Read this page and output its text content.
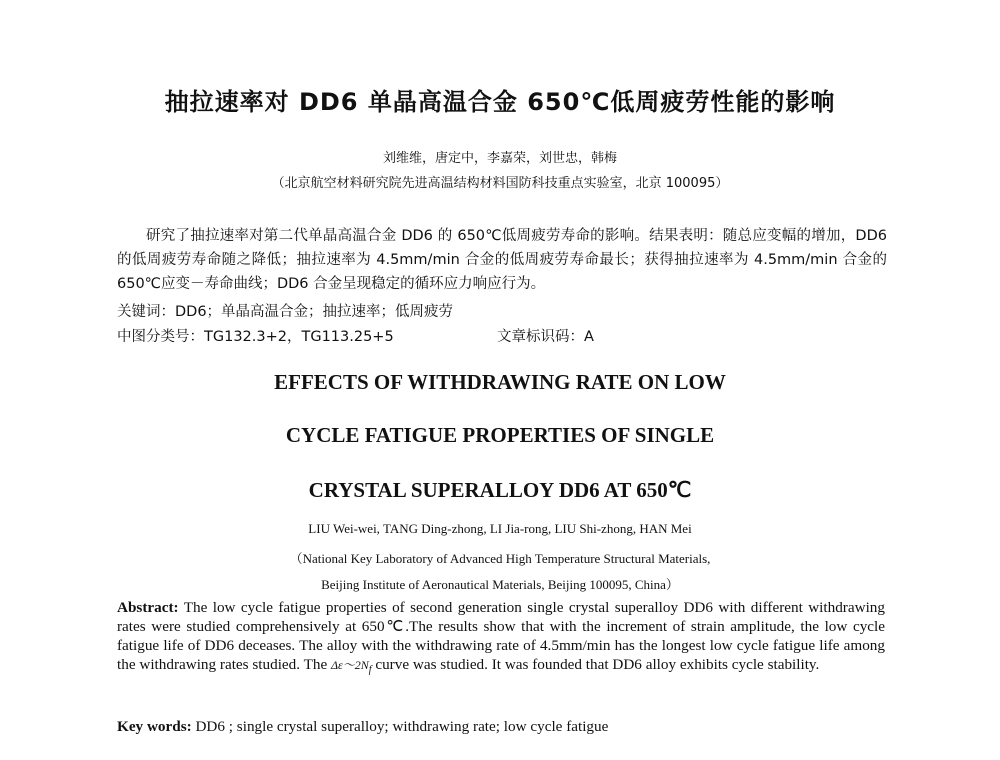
抽拉速率对 DD6 单晶高温合金 650℃低周疲劳性能的影响
刘维维，唐定中，李嘉荣，刘世忠，韩梅
（北京航空材料研究院先进高温结构材料国防科技重点实验室，北京 100095）
研究了抽拉速率对第二代单晶高温合金 DD6 的 650℃低周疲劳寿命的影响。结果表明：随总应变幅的增加，DD6 的低周疲劳寿命随之降低；抽拉速率为 4.5mm/min 合金的低周疲劳寿命最长；获得抽拉速率为 4.5mm/min 合金的 650℃应变－寿命曲线；DD6 合金呈现稳定的循环应力响应行为。
关键词：DD6；单晶高温合金；抽拉速率；低周疲劳
中图分类号：TG132.3+2，TG113.25+5	文章标识码：A
EFFECTS OF WITHDRAWING RATE ON LOW
CYCLE FATIGUE PROPERTIES OF SINGLE
CRYSTAL SUPERALLOY DD6 AT 650℃
LIU Wei-wei, TANG Ding-zhong, LI Jia-rong, LIU Shi-zhong, HAN Mei
（National Key Laboratory of Advanced High Temperature Structural Materials,
Beijing Institute of Aeronautical Materials, Beijing 100095, China）
Abstract: The low cycle fatigue properties of second generation single crystal superalloy DD6 with different withdrawing rates were studied comprehensively at 650℃.The results show that with the increment of strain amplitude, the low cycle fatigue life of DD6 deceases. The alloy with the withdrawing rate of 4.5mm/min has the longest low cycle fatigue life among the withdrawing rates studied. The $\Delta\varepsilon\sim 2N_f$ curve was studied. It was founded that DD6 alloy exhibits cycle stability.
Key words: DD6 ; single crystal superalloy; withdrawing rate; low cycle fatigue
